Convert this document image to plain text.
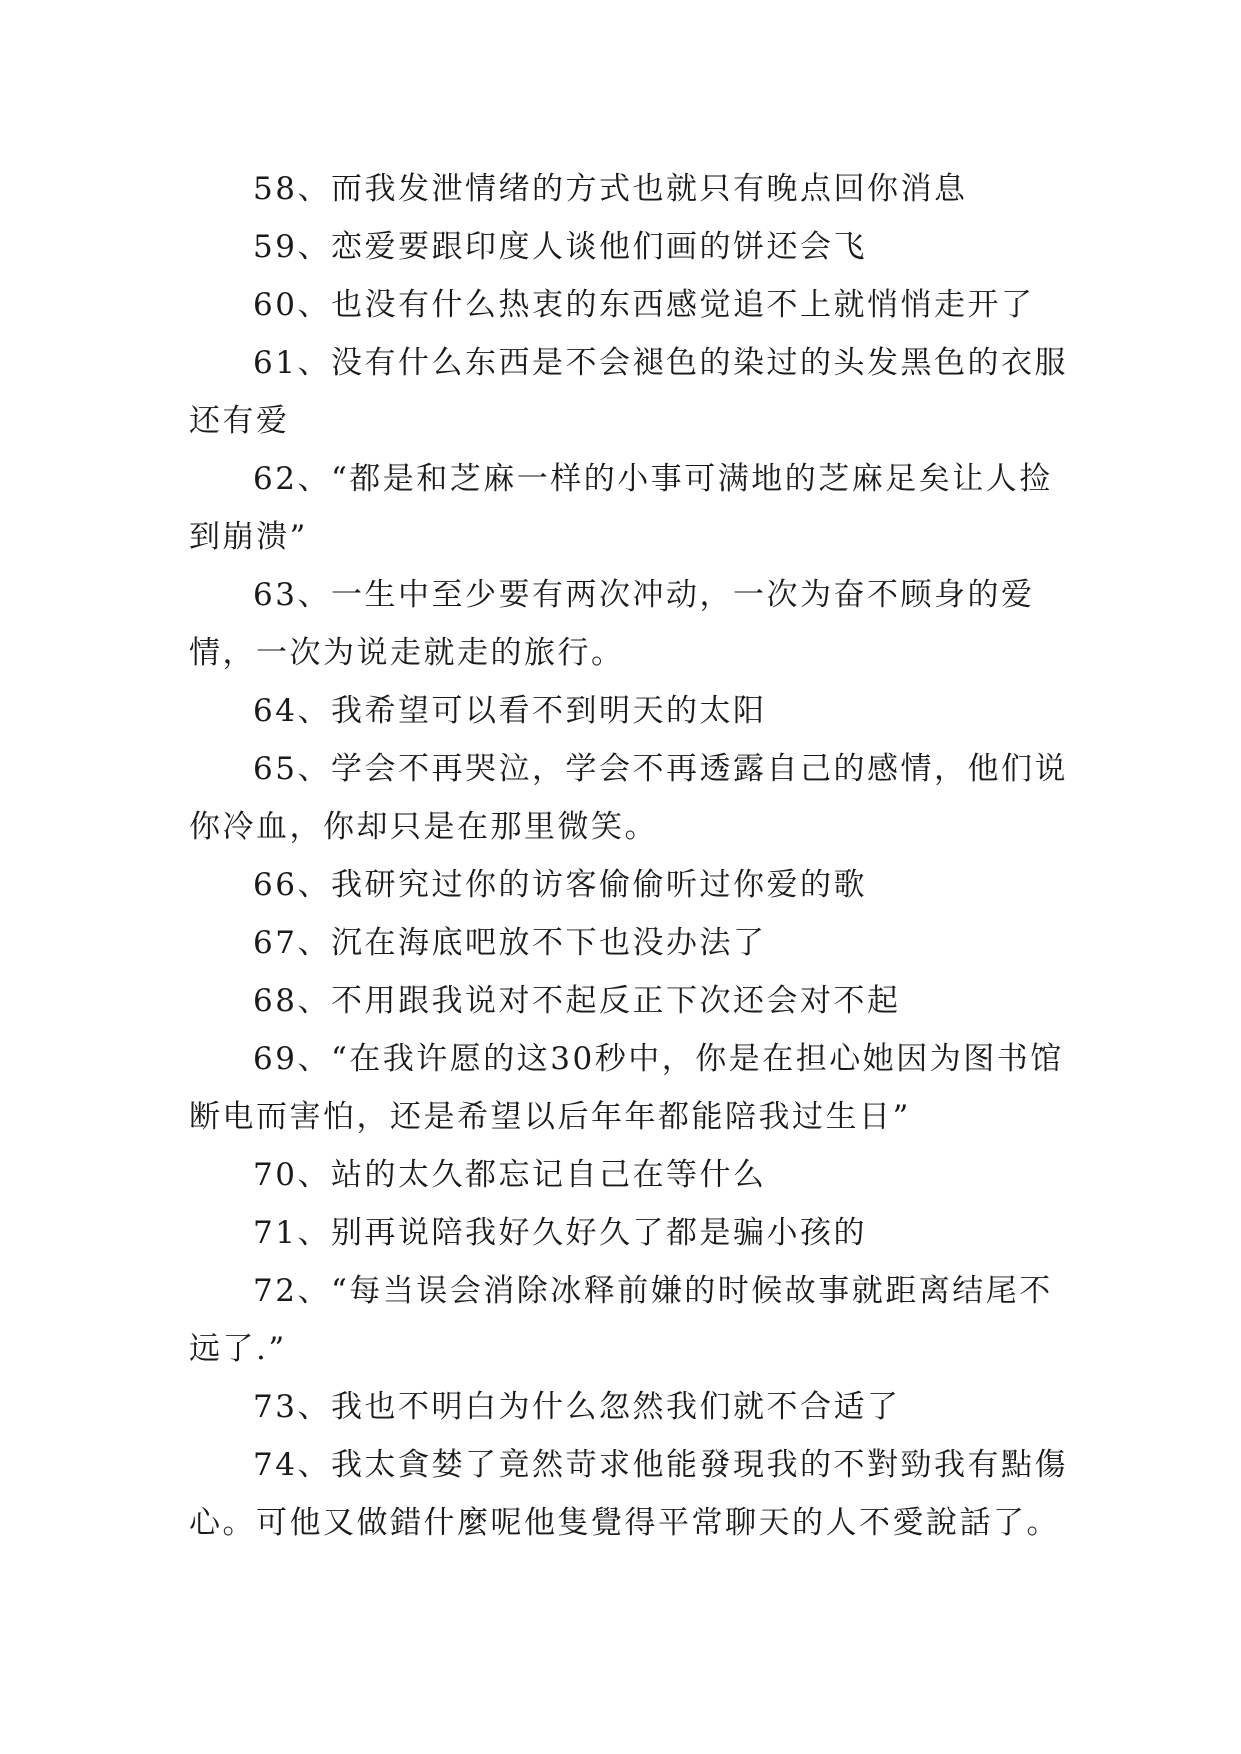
58、而我发泄情绪的方式也就只有晚点回你消息

59、恋爱要跟印度人谈他们画的饼还会飞

60、也没有什么热衷的东西感觉追不上就悄悄走开了

61、没有什么东西是不会褪色的染过的头发黑色的衣服还有爱

62、“都是和芝麻一样的小事可满地的芝麻足矣让人捡到崩溃”

63、一生中至少要有两次冲动，一次为奋不顾身的爱情，一次为说走就走的旅行。

64、我希望可以看不到明天的太阳

65、学会不再哭泣，学会不再透露自己的感情，他们说你冷血，你却只是在那里微笑。

66、我研究过你的访客偷偷听过你爱的歌

67、沉在海底吧放不下也没办法了

68、不用跟我说对不起反正下次还会对不起

69、“在我许愿的这30秒中，你是在担心她因为图书馆断电而害怕，还是希望以后年年都能陪我过生日”

70、站的太久都忘记自己在等什么

71、别再说陪我好久好久了都是骗小孩的

72、“每当误会消除冰释前嫌的时候故事就距离结尾不远了.”

73、我也不明白为什么忽然我们就不合适了

74、我太貪婪了竟然苛求他能發現我的不對勁我有點傷心。可他又做錯什麼呢他隻覺得平常聊天的人不愛說話了。
